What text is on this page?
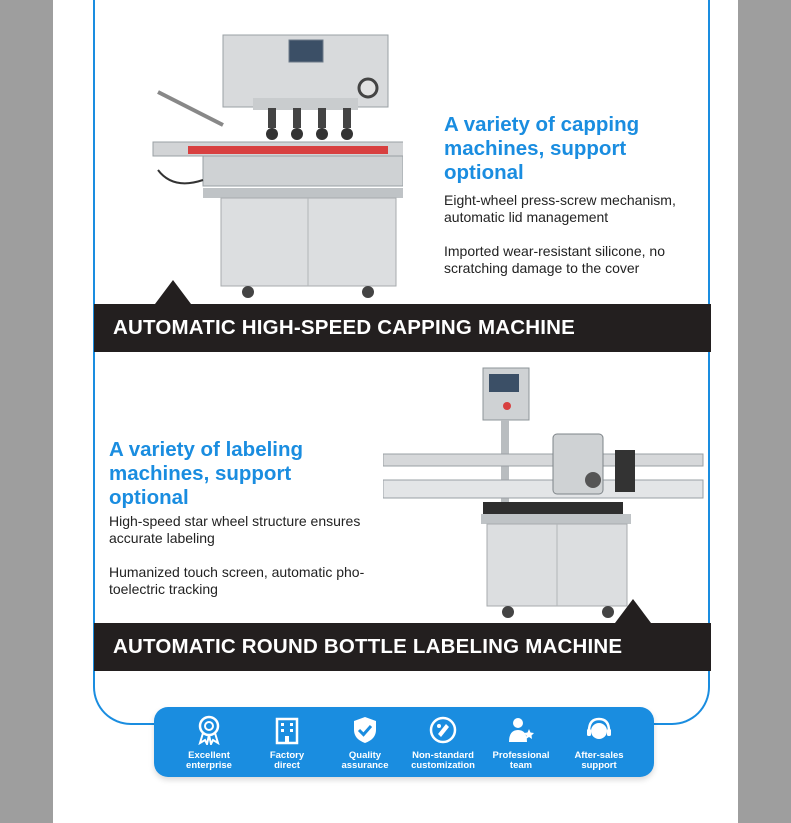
A variety of capping
machines, support
optional
Eight-wheel press-screw mechanism,
automatic lid management
Imported wear-resistant silicone, no
scratching damage to the cover
AUTOMATIC HIGH-SPEED CAPPING MACHINE
A variety of labeling
machines, support
optional
High-speed star wheel structure ensures
accurate labeling
Humanized touch screen, automatic pho-
toelectric tracking
AUTOMATIC ROUND BOTTLE LABELING MACHINE
Excellent
enterprise
Factory
direct
Quality
assurance
Non-standard
customization
Professional
team
After-sales
support
